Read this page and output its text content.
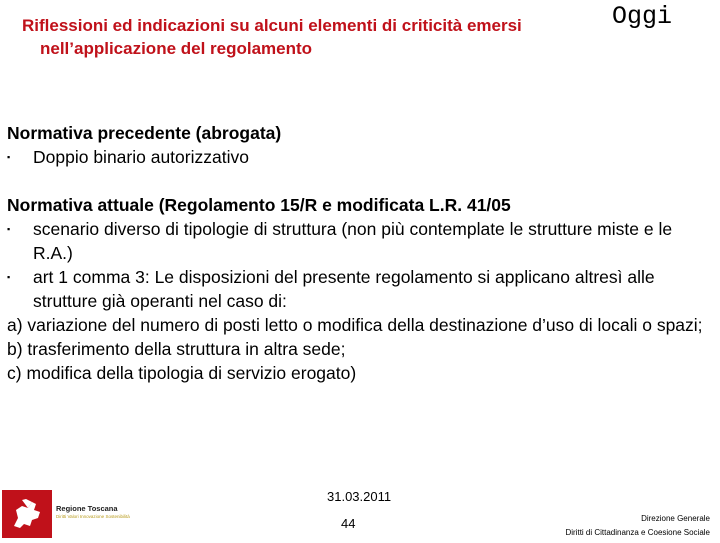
Riflessioni ed indicazioni su alcuni elementi di criticità emersi
nell’applicazione del regolamento
Oggi
Normativa precedente (abrogata)
▪ Doppio binario autorizzativo
Normativa attuale (Regolamento 15/R e modificata L.R. 41/05
▪ scenario diverso di tipologie di struttura (non più contemplate le strutture miste e le R.A.)
▪ art 1 comma 3: Le disposizioni del presente regolamento si applicano altresì alle strutture già operanti nel caso di:
a) variazione del numero di posti letto o modifica della destinazione d’uso di locali o spazi;
b) trasferimento della struttura in altra sede;
c) modifica della tipologia di servizio erogato)
Regione Toscana
Diritti Valori Innovazione Sostenibilità
31.03.2011
44	Direzione Generale
Diritti di Cittadinanza e Coesione Sociale
